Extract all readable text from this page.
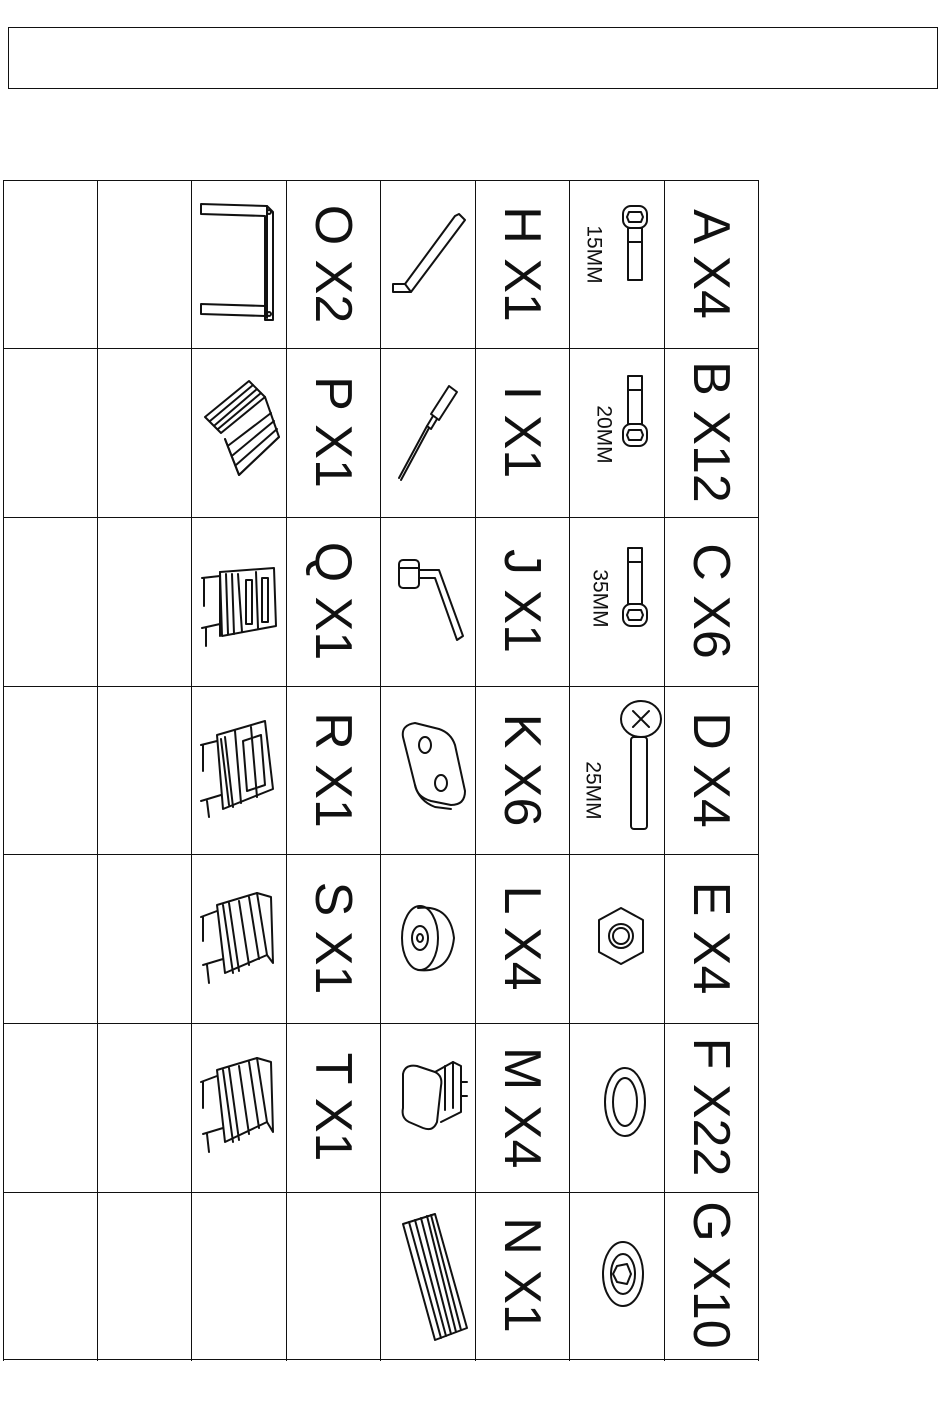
A X4
B X12
C X6
D X4
E X4
F X22
G X10
15MM
20MM
35MM
25MM
H X1
I X1
J X1
K X6
L X4
M X4
N X1
O X2
P X1
Q X1
R X1
S X1
T X1
